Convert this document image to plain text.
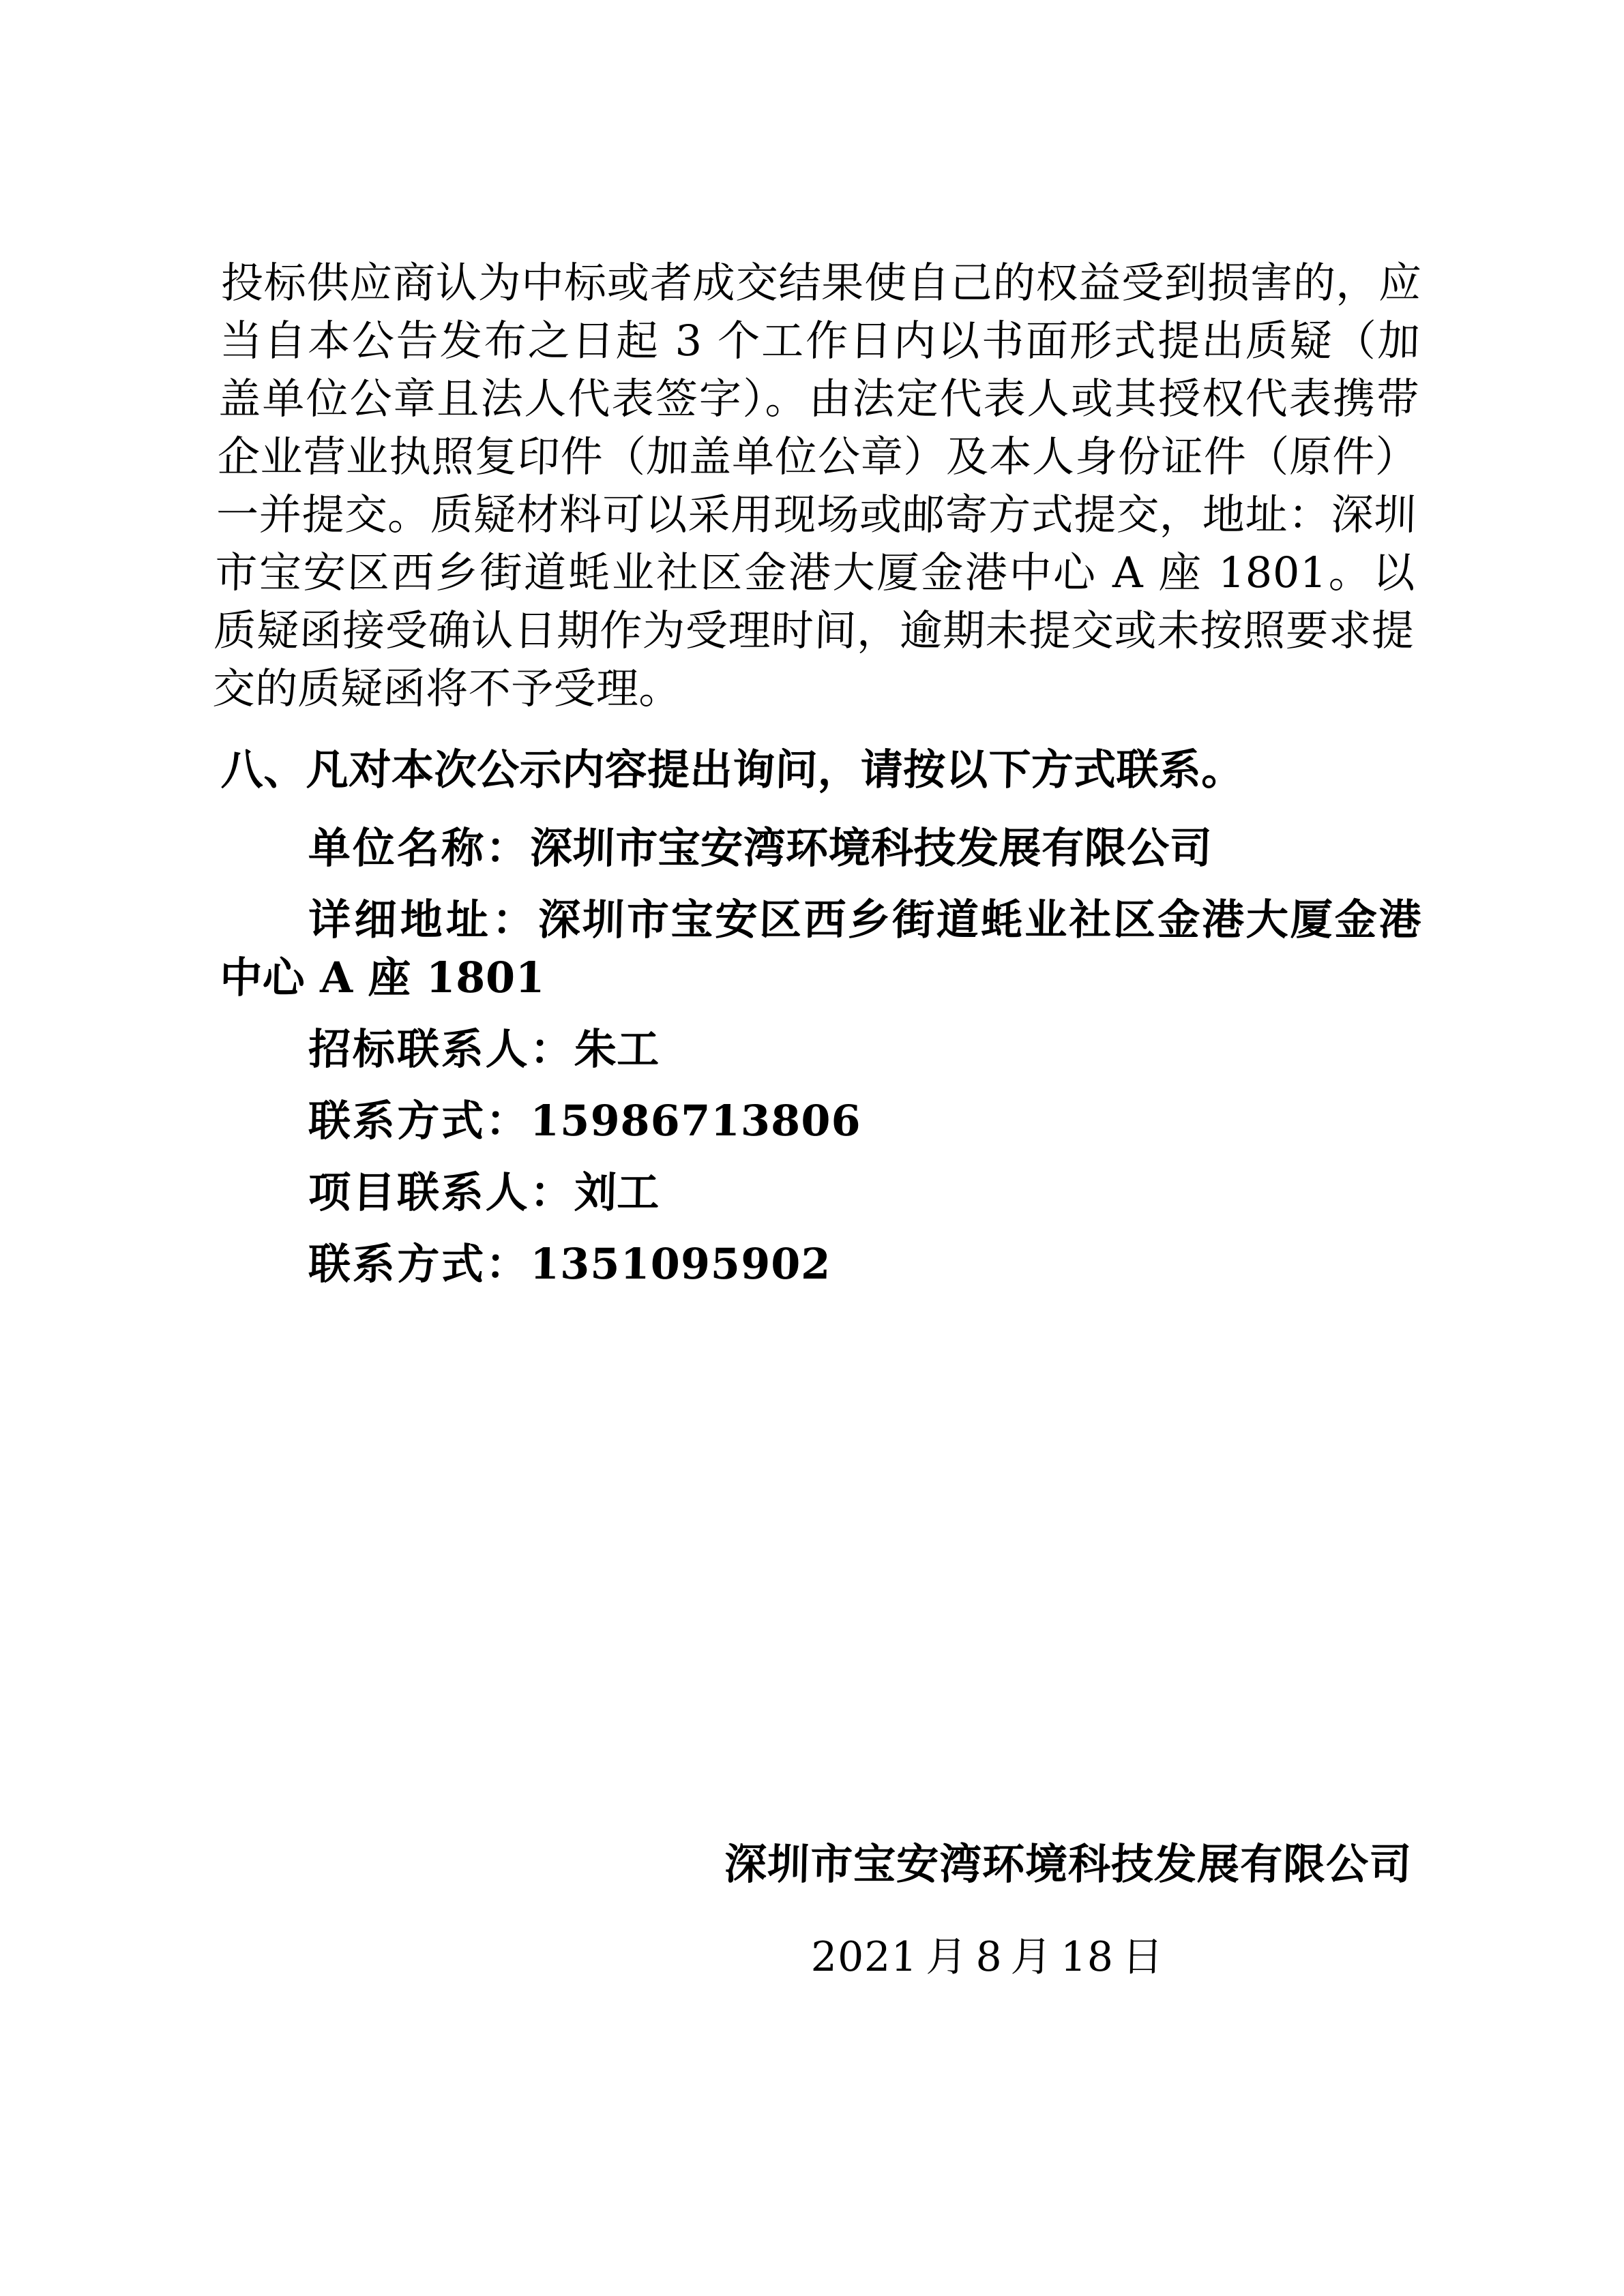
投标供应商认为中标或者成交结果使自己的权益受到损害的，应当自本公告发布之日起 3 个工作日内以书面形式提出质疑（加盖单位公章且法人代表签字）。由法定代表人或其授权代表携带企业营业执照复印件（加盖单位公章）及本人身份证件（原件）一并提交。质疑材料可以采用现场或邮寄方式提交，地址：深圳市宝安区西乡街道蚝业社区金港大厦金港中心 A 座 1801。以质疑函接受确认日期作为受理时间，逾期未提交或未按照要求提交的质疑函将不予受理。

八、凡对本次公示内容提出询问，请按以下方式联系。

单位名称：深圳市宝安湾环境科技发展有限公司
详细地址：深圳市宝安区西乡街道蚝业社区金港大厦金港中心 A 座 1801
招标联系人：朱工
联系方式：15986713806
项目联系人：刘工
联系方式：1351095902

深圳市宝安湾环境科技发展有限公司

2021 月 8 月 18 日
